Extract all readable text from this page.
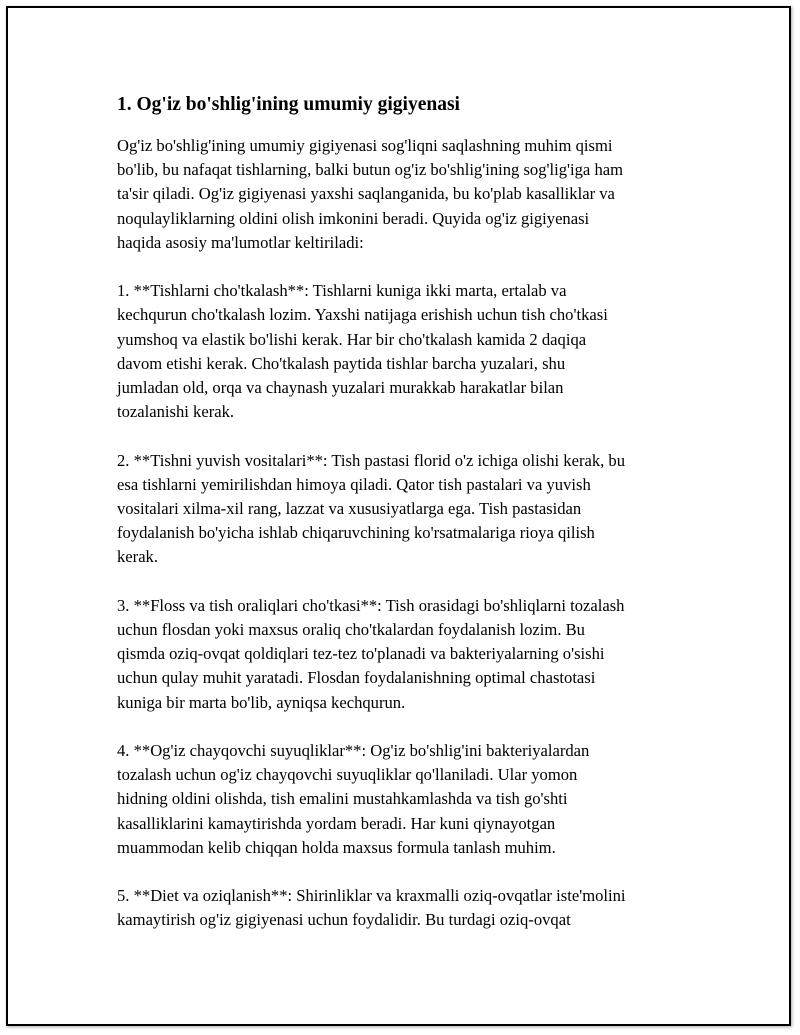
1. Og'iz bo'shlig'ining umumiy gigiyenasi
Og'iz bo'shlig'ining umumiy gigiyenasi sog'liqni saqlashning muhim qismi
bo'lib, bu nafaqat tishlarning, balki butun og'iz bo'shlig'ining sog'lig'iga ham
ta'sir qiladi. Og'iz gigiyenasi yaxshi saqlanganida, bu ko'plab kasalliklar va
noqulayliklarning oldini olish imkonini beradi. Quyida og'iz gigiyenasi
haqida asosiy ma'lumotlar keltiriladi:
1. **Tishlarni cho'tkalash**: Tishlarni kuniga ikki marta, ertalab va
kechqurun cho'tkalash lozim. Yaxshi natijaga erishish uchun tish cho'tkasi
yumshoq va elastik bo'lishi kerak. Har bir cho'tkalash kamida 2 daqiqa
davom etishi kerak. Cho'tkalash paytida tishlar barcha yuzalari, shu
jumladan old, orqa va chaynash yuzalari murakkab harakatlar bilan
tozalanishi kerak.
2. **Tishni yuvish vositalari**: Tish pastasi florid o'z ichiga olishi kerak, bu
esa tishlarni yemirilishdan himoya qiladi. Qator tish pastalari va yuvish
vositalari xilma-xil rang, lazzat va xususiyatlarga ega. Tish pastasidan
foydalanish bo'yicha ishlab chiqaruvchining ko'rsatmalariga rioya qilish
kerak.
3. **Floss va tish oraliqlari cho'tkasi**: Tish orasidagi bo'shliqlarni tozalash
uchun flosdan yoki maxsus oraliq cho'tkalardan foydalanish lozim. Bu
qismda oziq-ovqat qoldiqlari tez-tez to'planadi va bakteriyalarning o'sishi
uchun qulay muhit yaratadi. Flosdan foydalanishning optimal chastotasi
kuniga bir marta bo'lib, ayniqsa kechqurun.
4. **Og'iz chayqovchi suyuqliklar**: Og'iz bo'shlig'ini bakteriyalardan
tozalash uchun og'iz chayqovchi suyuqliklar qo'llaniladi. Ular yomon
hidning oldini olishda, tish emalini mustahkamlashda va tish go'shti
kasalliklarini kamaytirishda yordam beradi. Har kuni qiynayotgan
muammodan kelib chiqqan holda maxsus formula tanlash muhim.
5. **Diet va oziqlanish**: Shirinliklar va kraxmalli oziq-ovqatlar iste'molini
kamaytirish og'iz gigiyenasi uchun foydalidir. Bu turdagi oziq-ovqat
